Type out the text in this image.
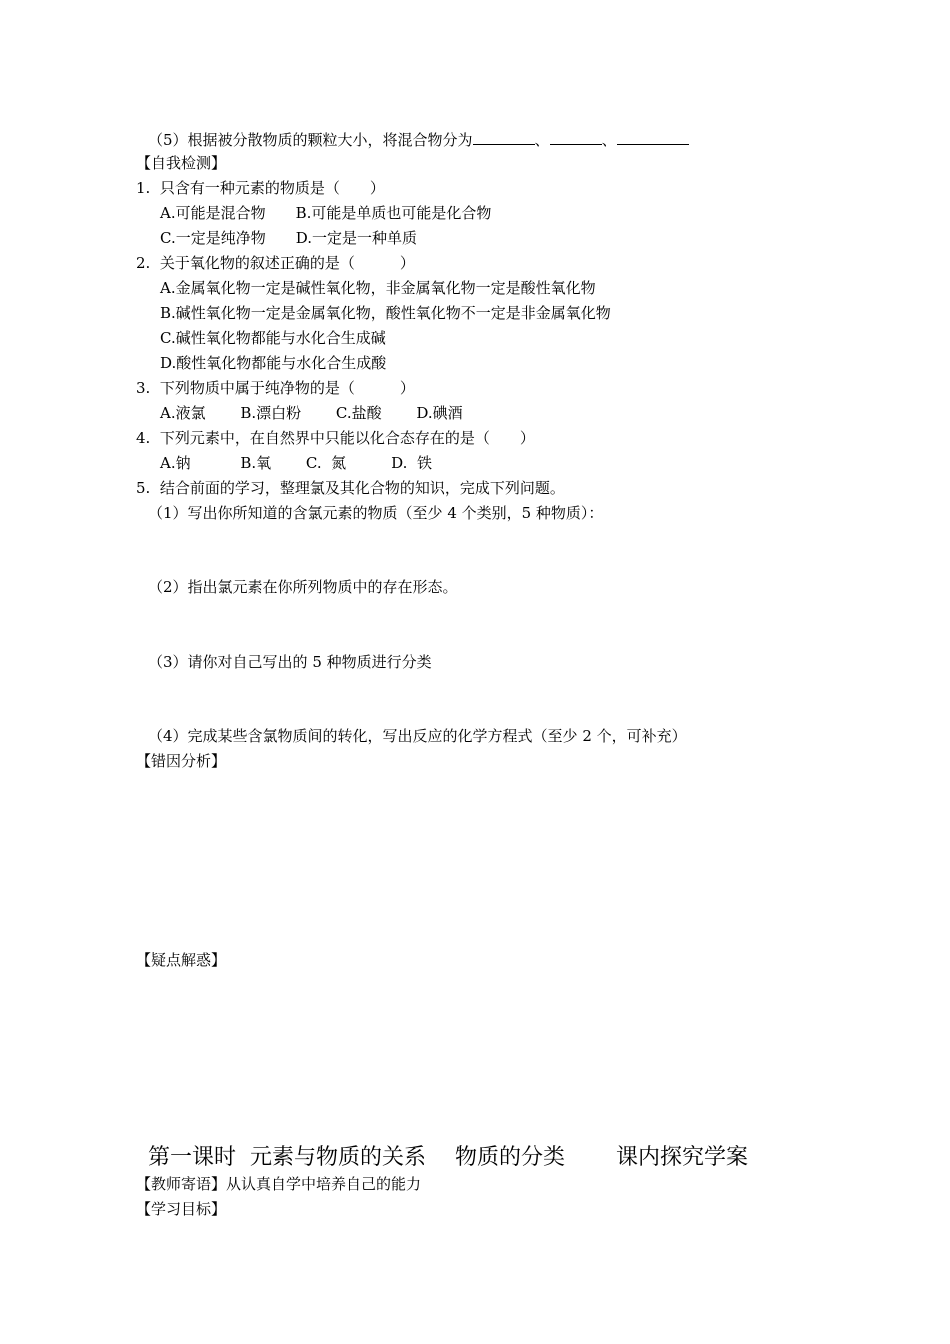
（5）根据被分散物质的颗粒大小，将混合物分为	、	、
【自我检测】
1.  只含有一种元素的物质是（　　）
A.可能是混合物　　B.可能是单质也可能是化合物
C.一定是纯净物　　D.一定是一种单质
2.  关于氧化物的叙述正确的是（　　　）
A.金属氧化物一定是碱性氧化物，非金属氧化物一定是酸性氧化物
B.碱性氧化物一定是金属氧化物，酸性氧化物不一定是非金属氧化物
C.碱性氧化物都能与水化合生成碱
D.酸性氧化物都能与水化合生成酸
3.  下列物质中属于纯净物的是（　　　）
A.液氯　　 B.漂白粉　　 C.盐酸　　 D.碘酒
4.  下列元素中，在自然界中只能以化合态存在的是（　　）
A.钠　　　 B.氧　　 C.  氮　　　D.  铁
5.  结合前面的学习，整理氯及其化合物的知识，完成下列问题。
（1）写出你所知道的含氯元素的物质（至少 4 个类别，5 种物质）：
（2）指出氯元素在你所列物质中的存在形态。
（3）请你对自己写出的 5 种物质进行分类
（4）完成某些含氯物质间的转化，写出反应的化学方程式（至少 2 个，可补充）
【错因分析】
【疑点解惑】
第一课时  元素与物质的关系　 物质的分类　　 课内探究学案
【教师寄语】从认真自学中培养自己的能力
【学习目标】
